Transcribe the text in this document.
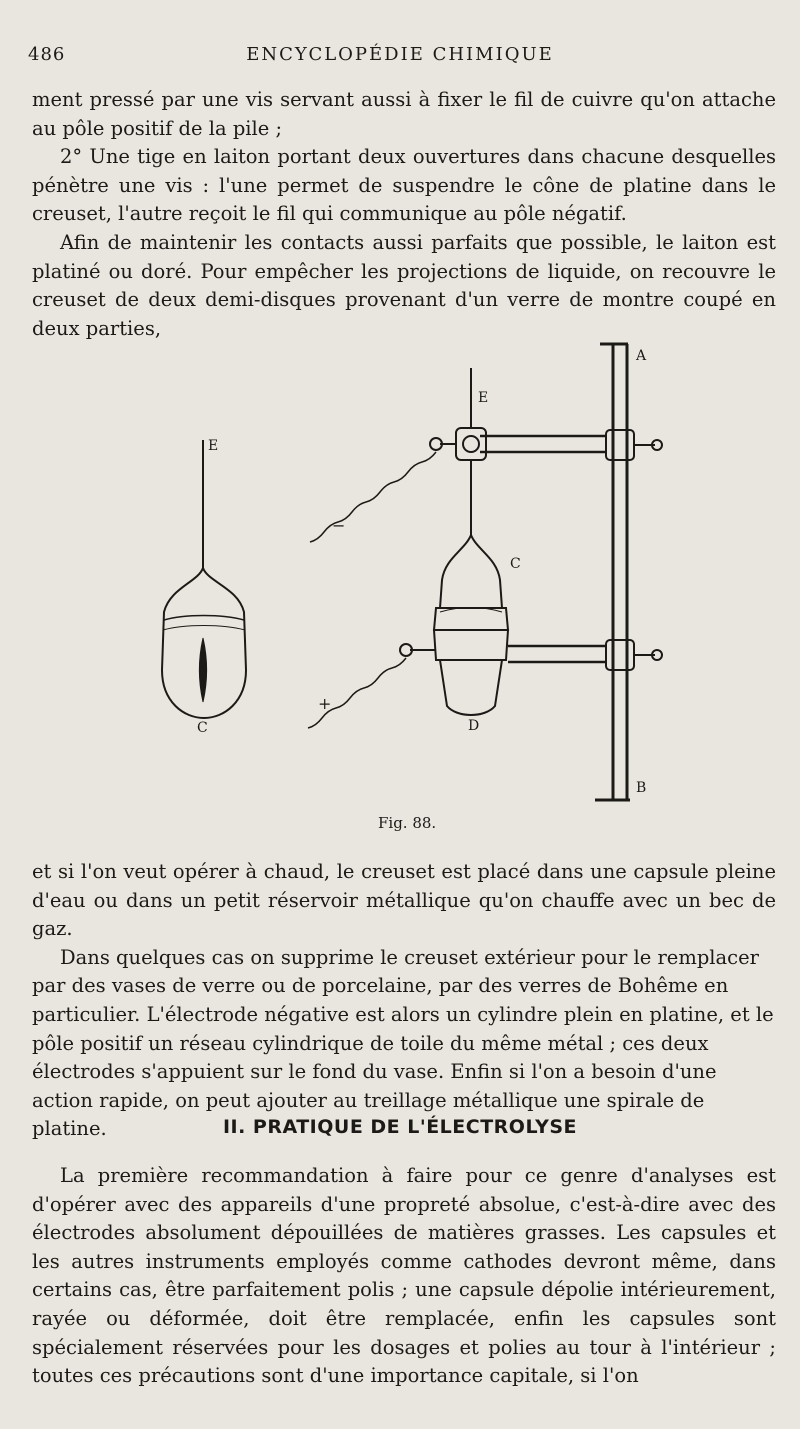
486	ENCYCLOPÉDIE CHIMIQUE

ment pressé par une vis servant aussi à fixer le fil de cuivre qu'on attache au pôle positif de la pile ;

2° Une tige en laiton portant deux ouvertures dans chacune desquelles pénètre une vis : l'une permet de suspendre le cône de platine dans le creuset, l'autre reçoit le fil qui communique au pôle négatif.

Afin de maintenir les contacts aussi parfaits que possible, le laiton est platiné ou doré. Pour empêcher les projections de liquide, on recouvre le creuset de deux demi-disques provenant d'un verre de montre coupé en deux parties,

E
C
E
C
D
A
B
−
+
Fig. 88.

et si l'on veut opérer à chaud, le creuset est placé dans une capsule pleine d'eau ou dans un petit réservoir métallique qu'on chauffe avec un bec de gaz.

Dans quelques cas on supprime le creuset extérieur pour le remplacer par des vases de verre ou de porcelaine, par des verres de Bohême en particulier. L'électrode négative est alors un cylindre plein en platine, et le pôle positif un réseau cylindrique de toile du même métal ; ces deux électrodes s'appuient sur le fond du vase. Enfin si l'on a besoin d'une action rapide, on peut ajouter au treillage métallique une spirale de platine.	II. PRATIQUE DE L'ÉLECTROLYSE

La première recommandation à faire pour ce genre d'analyses est d'opérer avec des appareils d'une propreté absolue, c'est-à-dire avec des électrodes absolument dépouillées de matières grasses. Les capsules et les autres instruments employés comme cathodes devront même, dans certains cas, être parfaitement polis ; une capsule dépolie intérieurement, rayée ou déformée, doit être remplacée, enfin les capsules sont spécialement réservées pour les dosages et polies au tour à l'intérieur ; toutes ces précautions sont d'une importance capitale, si l'on
